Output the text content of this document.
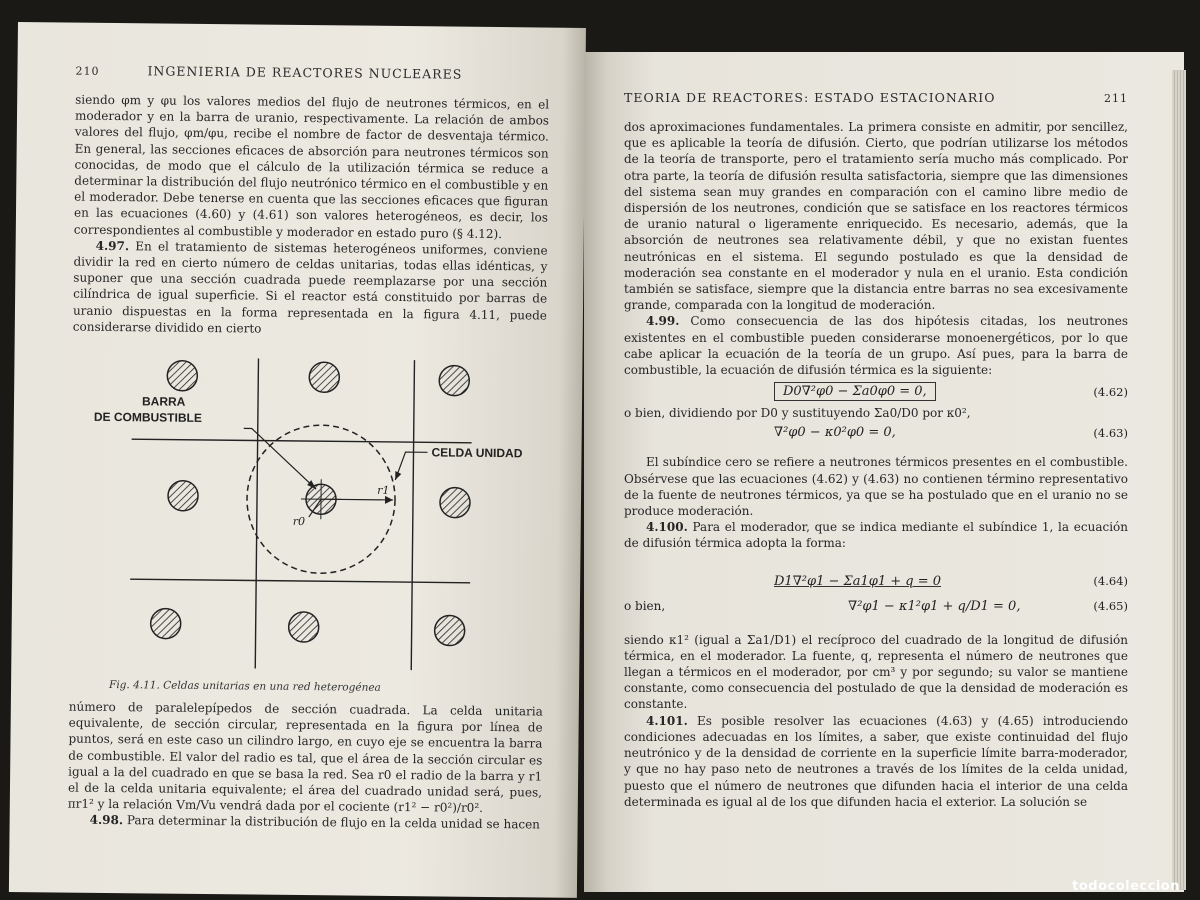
210	INGENIERIA DE REACTORES NUCLEARES

siendo φm y φu los valores medios del flujo de neutrones térmicos, en el moderador y en la barra de uranio, respectivamente. La relación de ambos valores del flujo, φm/φu, recibe el nombre de factor de desventaja térmico. En general, las secciones eficaces de absorción para neutrones térmicos son conocidas, de modo que el cálculo de la utilización térmica se reduce a determinar la distribución del flujo neutrónico térmico en el combustible y en el moderador. Debe tenerse en cuenta que las secciones eficaces que figuran en las ecuaciones (4.60) y (4.61) son valores heterogéneos, es decir, los correspondientes al combustible y moderador en estado puro (§ 4.12).

4.97. En el tratamiento de sistemas heterogéneos uniformes, conviene dividir la red en cierto número de celdas unitarias, todas ellas idénticas, y suponer que una sección cuadrada puede reemplazarse por una sección cilíndrica de igual superficie. Si el reactor está constituido por barras de uranio dispuestas en la forma representada en la figura 4.11, puede considerarse dividido en cierto

BARRA
DE COMBUSTIBLE
CELDA UNIDAD
r0
r1
Fig. 4.11. Celdas unitarias en una red heterogénea

número de paralelepípedos de sección cuadrada. La celda unitaria equivalente, de sección circular, representada en la figura por línea de puntos, será en este caso un cilindro largo, en cuyo eje se encuentra la barra de combustible. El valor del radio es tal, que el área de la sección circular es igual a la del cuadrado en que se basa la red. Sea r0 el radio de la barra y r1 el de la celda unitaria equivalente; el área del cuadrado unidad será, pues, πr1² y la relación Vm/Vu vendrá dada por el cociente (r1² − r0²)/r0².

4.98. Para determinar la distribución de flujo en la celda unidad se hacen

TEORIA DE REACTORES: ESTADO ESTACIONARIO	211

dos aproximaciones fundamentales. La primera consiste en admitir, por sencillez, que es aplicable la teoría de difusión. Cierto, que podrían utilizarse los métodos de la teoría de transporte, pero el tratamiento sería mucho más complicado. Por otra parte, la teoría de difusión resulta satisfactoria, siempre que las dimensiones del sistema sean muy grandes en comparación con el camino libre medio de dispersión de los neutrones, condición que se satisface en los reactores térmicos de uranio natural o ligeramente enriquecido. Es necesario, además, que la absorción de neutrones sea relativamente débil, y que no existan fuentes neutrónicas en el sistema. El segundo postulado es que la densidad de moderación sea constante en el moderador y nula en el uranio. Esta condición también se satisface, siempre que la distancia entre barras no sea excesivamente grande, comparada con la longitud de moderación.

4.99. Como consecuencia de las dos hipótesis citadas, los neutrones existentes en el combustible pueden considerarse monoenergéticos, por lo que cabe aplicar la ecuación de la teoría de un grupo. Así pues, para la barra de combustible, la ecuación de difusión térmica es la siguiente:

D0∇²φ0 − Σa0φ0 = 0,	(4.62)

o bien, dividiendo por D0 y sustituyendo Σa0/D0 por κ0²,

∇²φ0 − κ0²φ0 = 0,	(4.63)

El subíndice cero se refiere a neutrones térmicos presentes en el combustible. Obsérvese que las ecuaciones (4.62) y (4.63) no contienen término representativo de la fuente de neutrones térmicos, ya que se ha postulado que en el uranio no se produce moderación.

4.100. Para el moderador, que se indica mediante el subíndice 1, la ecuación de difusión térmica adopta la forma:

D1∇²φ1 − Σa1φ1 + q = 0	(4.64)
o bien,	∇²φ1 − κ1²φ1 + q/D1 = 0,	(4.65)

siendo κ1² (igual a Σa1/D1) el recíproco del cuadrado de la longitud de difusión térmica, en el moderador. La fuente, q, representa el número de neutrones que llegan a térmicos en el moderador, por cm³ y por segundo; su valor se mantiene constante, como consecuencia del postulado de que la densidad de moderación es constante.

4.101. Es posible resolver las ecuaciones (4.63) y (4.65) introduciendo condiciones adecuadas en los límites, a saber, que existe continuidad del flujo neutrónico y de la densidad de corriente en la superficie límite barra-moderador, y que no hay paso neto de neutrones a través de los límites de la celda unidad, puesto que el número de neutrones que difunden hacia el interior de una celda determinada es igual al de los que difunden hacia el exterior. La solución se

todocoleccion
